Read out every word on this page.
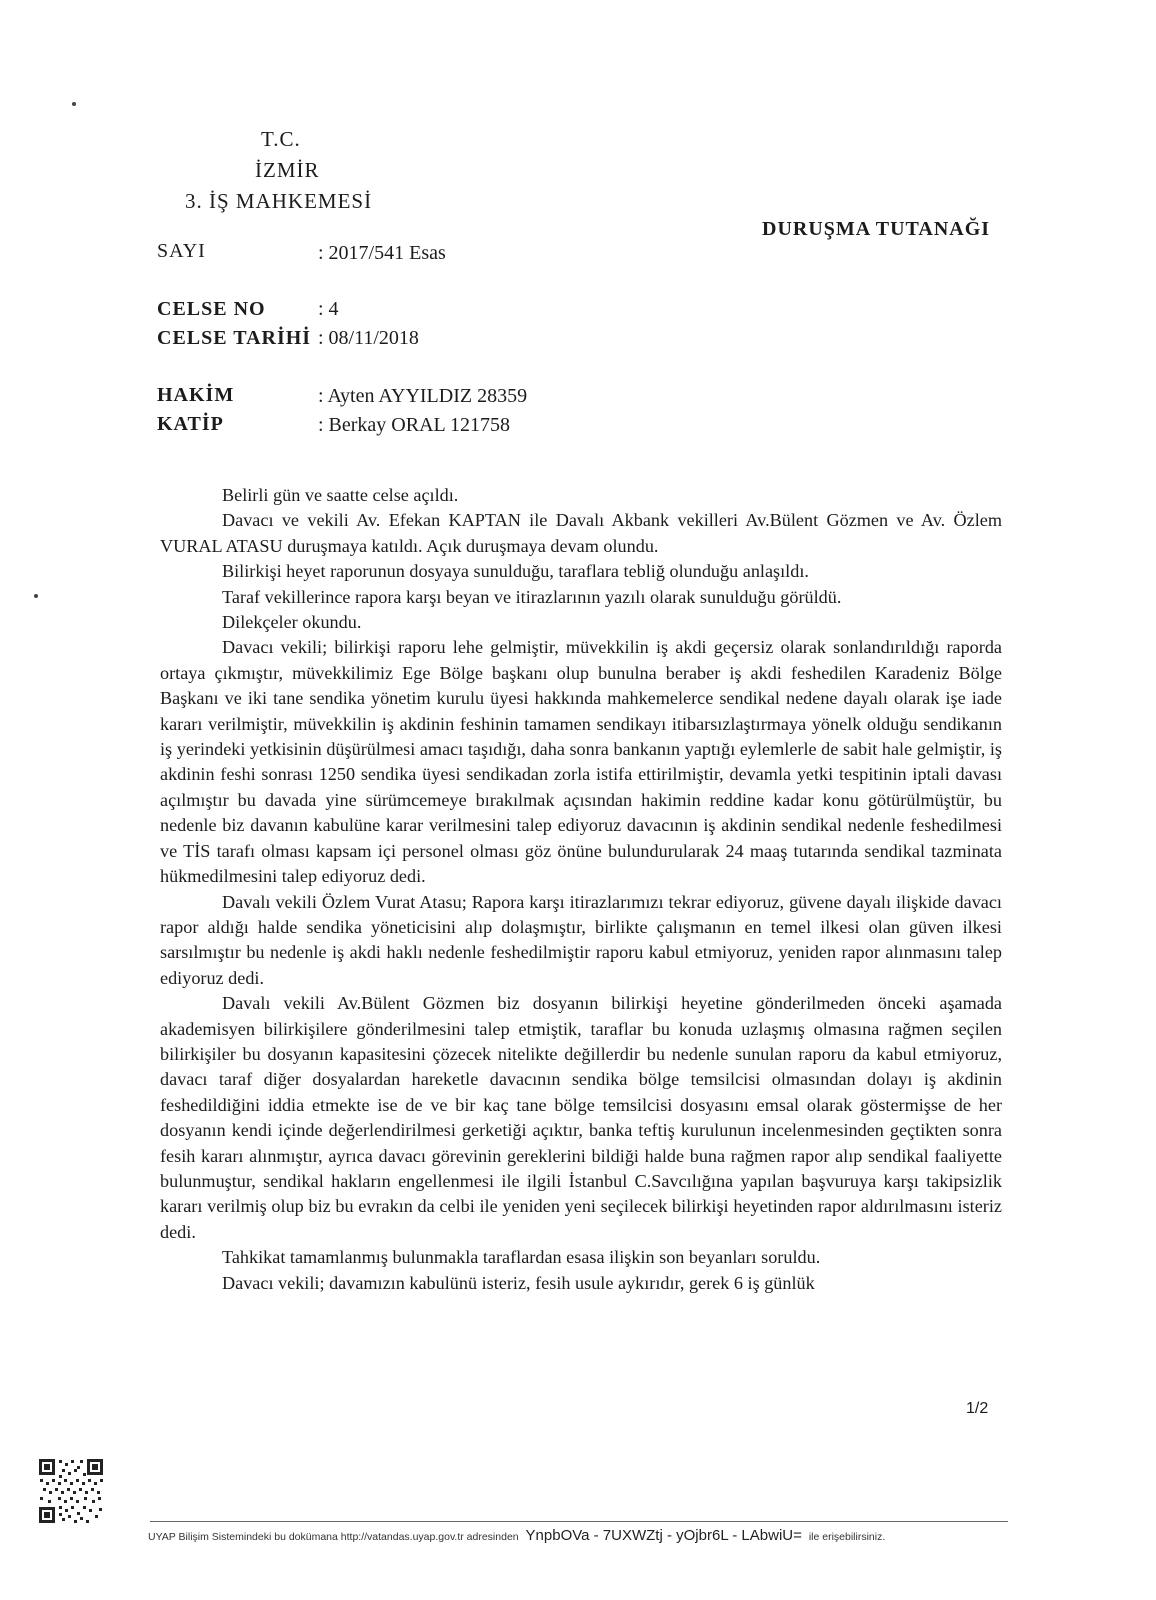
T.C.
İZMİR
3. İŞ MAHKEMESİ
DURUŞMA TUTANAĞI
SAYI	: 2017/541 Esas
CELSE NO	: 4
CELSE TARİHİ : 08/11/2018
HAKİM	: Ayten AYYILDIZ 28359
KATİP	: Berkay ORAL 121758

Belirli gün ve saatte celse açıldı.

Davacı ve vekili Av. Efekan KAPTAN ile Davalı Akbank vekilleri Av.Bülent Gözmen ve Av. Özlem VURAL ATASU duruşmaya katıldı. Açık duruşmaya devam olundu.

Bilirkişi heyet raporunun dosyaya sunulduğu, taraflara tebliğ olunduğu anlaşıldı.

Taraf vekillerince rapora karşı beyan ve itirazlarının yazılı olarak sunulduğu görüldü.

Dilekçeler okundu.

Davacı vekili; bilirkişi raporu lehe gelmiştir, müvekkilin iş akdi geçersiz olarak sonlandırıldığı raporda ortaya çıkmıştır, müvekkilimiz Ege Bölge başkanı olup bunulna beraber iş akdi feshedilen Karadeniz Bölge Başkanı ve iki tane sendika yönetim kurulu üyesi hakkında mahkemelerce sendikal nedene dayalı olarak işe iade kararı verilmiştir, müvekkilin iş akdinin feshinin tamamen sendikayı itibarsızlaştırmaya yönelk olduğu sendikanın iş yerindeki yetkisinin düşürülmesi amacı taşıdığı, daha sonra bankanın yaptığı eylemlerle de sabit hale gelmiştir, iş akdinin feshi sonrası 1250 sendika üyesi sendikadan zorla istifa ettirilmiştir, devamla yetki tespitinin iptali davası açılmıştır bu davada yine sürümcemeye bırakılmak açısından hakimin reddine kadar konu götürülmüştür, bu nedenle biz davanın kabulüne karar verilmesini talep ediyoruz davacının iş akdinin sendikal nedenle feshedilmesi ve TİS tarafı olması kapsam içi personel olması göz önüne bulundurularak 24 maaş tutarında sendikal tazminata hükmedilmesini talep ediyoruz dedi.

Davalı vekili Özlem Vurat Atasu; Rapora karşı itirazlarımızı tekrar ediyoruz, güvene dayalı ilişkide davacı rapor aldığı halde sendika yöneticisini alıp dolaşmıştır, birlikte çalışmanın en temel ilkesi olan güven ilkesi sarsılmıştır bu nedenle iş akdi haklı nedenle feshedilmiştir raporu kabul etmiyoruz, yeniden rapor alınmasını talep ediyoruz dedi.

Davalı vekili Av.Bülent Gözmen biz dosyanın bilirkişi heyetine gönderilmeden önceki aşamada akademisyen bilirkişilere gönderilmesini talep etmiştik, taraflar bu konuda uzlaşmış olmasına rağmen seçilen bilirkişiler bu dosyanın kapasitesini çözecek nitelikte değillerdir bu nedenle sunulan raporu da kabul etmiyoruz, davacı taraf diğer dosyalardan hareketle davacının sendika bölge temsilcisi olmasından dolayı iş akdinin feshedildiğini iddia etmekte ise de ve bir kaç tane bölge temsilcisi dosyasını emsal olarak göstermişse de her dosyanın kendi içinde değerlendirilmesi gerketiği açıktır, banka teftiş kurulunun incelenmesinden geçtikten sonra fesih kararı alınmıştır, ayrıca davacı görevinin gereklerini bildiği halde buna rağmen rapor alıp sendikal faaliyette bulunmuştur, sendikal hakların engellenmesi ile ilgili İstanbul C.Savcılığına yapılan başvuruya karşı takipsizlik kararı verilmiş olup biz bu evrakın da celbi ile yeniden yeni seçilecek bilirkişi heyetinden rapor aldırılmasını isteriz dedi.

Tahkikat tamamlanmış bulunmakla taraflardan esasa ilişkin son beyanları soruldu.

Davacı vekili; davamızın kabulünü isteriz, fesih usule aykırıdır, gerek 6 iş günlük

1/2
UYAP Bilişim Sistemindeki bu dokümana http://vatandas.uyap.gov.tr adresinden YnpbOVa - 7UXWZtj - yOjbr6L - LAbwiU= ile erişebilirsiniz.
